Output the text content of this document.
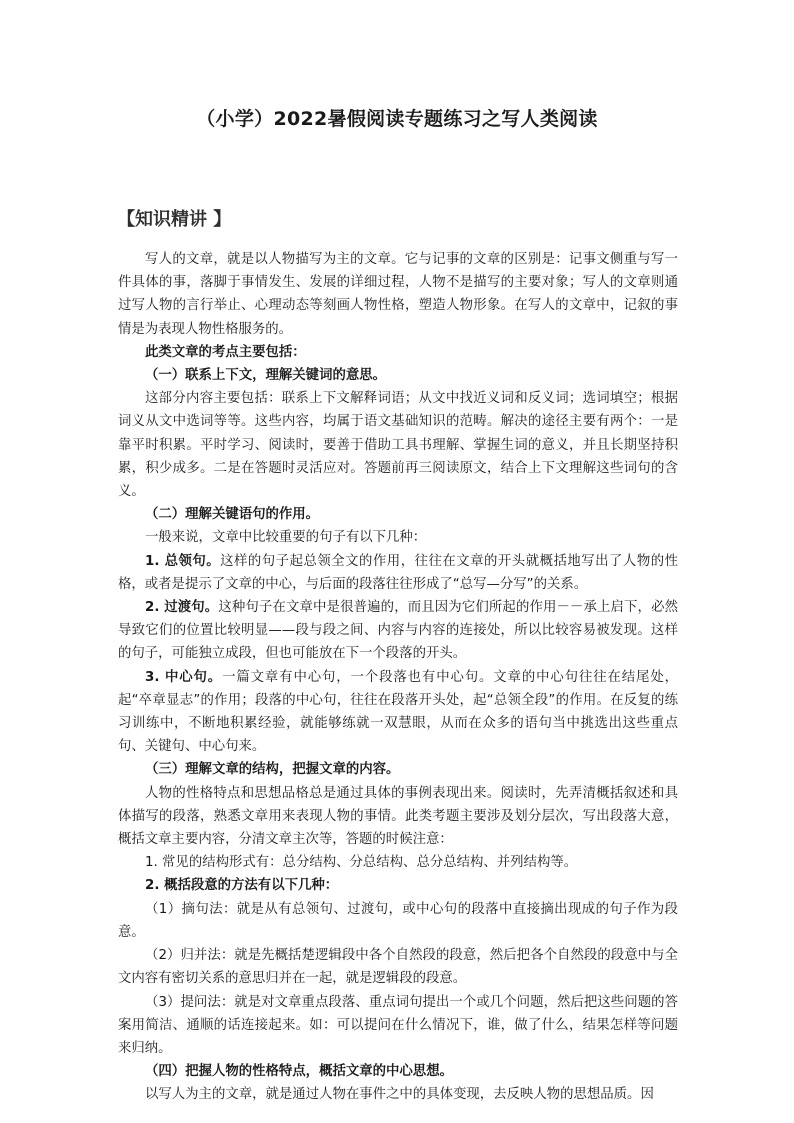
（小学）2022暑假阅读专题练习之写人类阅读
【知识精讲 】

写人的文章，就是以人物描写为主的文章。它与记事的文章的区别是：记事文侧重与写一件具体的事，落脚于事情发生、发展的详细过程，人物不是描写的主要对象；写人的文章则通过写人物的言行举止、心理动态等刻画人物性格，塑造人物形象。在写人的文章中，记叙的事情是为表现人物性格服务的。

此类文章的考点主要包括：

（一）联系上下文，理解关键词的意思。

这部分内容主要包括：联系上下文解释词语；从文中找近义词和反义词；选词填空；根据词义从文中选词等等。这些内容，均属于语文基础知识的范畴。解决的途径主要有两个：一是靠平时积累。平时学习、阅读时，要善于借助工具书理解、掌握生词的意义，并且长期坚持积累，积少成多。二是在答题时灵活应对。答题前再三阅读原文，结合上下文理解这些词句的含义。

（二）理解关键语句的作用。

一般来说，文章中比较重要的句子有以下几种：

1. 总领句。这样的句子起总领全文的作用，往往在文章的开头就概括地写出了人物的性格，或者是提示了文章的中心，与后面的段落往往形成了“总写—分写”的关系。

2. 过渡句。这种句子在文章中是很普遍的，而且因为它们所起的作用－－承上启下，必然导致它们的位置比较明显——段与段之间、内容与内容的连接处，所以比较容易被发现。这样的句子，可能独立成段，但也可能放在下一个段落的开头。

3. 中心句。一篇文章有中心句，一个段落也有中心句。文章的中心句往往在结尾处，起“卒章显志”的作用；段落的中心句，往往在段落开头处，起“总领全段”的作用。在反复的练习训练中，不断地积累经验，就能够练就一双慧眼，从而在众多的语句当中挑选出这些重点句、关键句、中心句来。

（三）理解文章的结构，把握文章的内容。

人物的性格特点和思想品格总是通过具体的事例表现出来。阅读时，先弄清概括叙述和具体描写的段落，熟悉文章用来表现人物的事情。此类考题主要涉及划分层次，写出段落大意，概括文章主要内容，分清文章主次等，答题的时候注意：

1. 常见的结构形式有：总分结构、分总结构、总分总结构、并列结构等。

2. 概括段意的方法有以下几种：

（1）摘句法：就是从有总领句、过渡句，或中心句的段落中直接摘出现成的句子作为段意。

（2）归并法：就是先概括楚逻辑段中各个自然段的段意，然后把各个自然段的段意中与全文内容有密切关系的意思归并在一起，就是逻辑段的段意。

（3）提问法：就是对文章重点段落、重点词句提出一个或几个问题，然后把这些问题的答案用简洁、通顺的话连接起来。如：可以提问在什么情况下，谁，做了什么，结果怎样等问题来归纳。

（四）把握人物的性格特点，概括文章的中心思想。

以写人为主的文章，就是通过人物在事件之中的具体变现，去反映人物的思想品质。因
